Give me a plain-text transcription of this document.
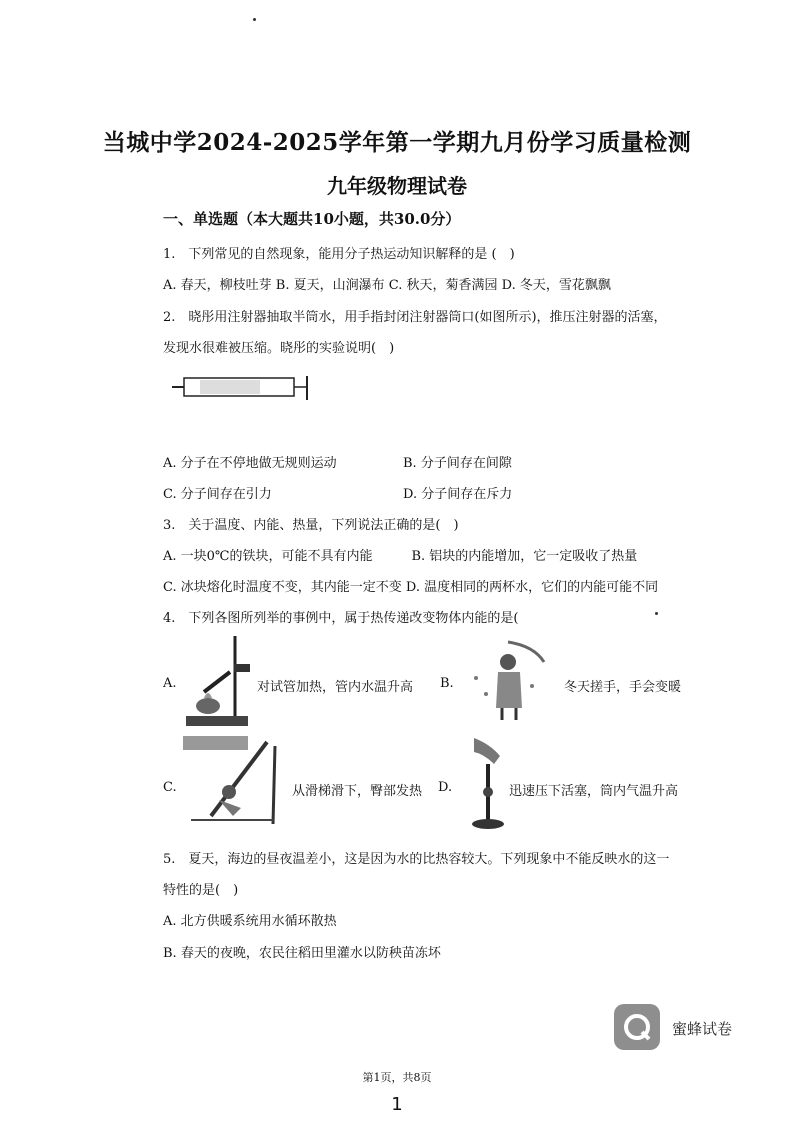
当城中学2024-2025学年第一学期九月份学习质量检测
九年级物理试卷
一、单选题（本大题共10小题，共30.0分）
1.　下列常见的自然现象，能用分子热运动知识解释的是 (　)
A. 春天，柳枝吐芽 B. 夏天，山涧瀑布 C. 秋天，菊香满园 D. 冬天，雪花飘飘
2.　晓彤用注射器抽取半筒水，用手指封闭注射器筒口(如图所示)，推压注射器的活塞，
发现水很难被压缩。晓彤的实验说明(　)
A. 分子在不停地做无规则运动	B. 分子间存在间隙
C. 分子间存在引力	D. 分子间存在斥力
3.　关于温度、内能、热量，下列说法正确的是(　)
A. 一块0℃的铁块，可能不具有内能　　　B. 铝块的内能增加，它一定吸收了热量
C. 冰块熔化时温度不变，其内能一定不变 D. 温度相同的两杯水，它们的内能可能不同
4.　下列各图所列举的事例中，属于热传递改变物体内能的是(
A.	对试管加热，管内水温升高 B.	冬天搓手，手会变暖
C.	从滑梯滑下，臀部发热 D.	迅速压下活塞，筒内气温升高
5.　夏天，海边的昼夜温差小，这是因为水的比热容较大。下列现象中不能反映水的这一
特性的是(　)
A. 北方供暖系统用水循环散热
B. 春天的夜晚，农民往稻田里灌水以防秧苗冻坏
蜜蜂试卷
第1页，共8页
1
